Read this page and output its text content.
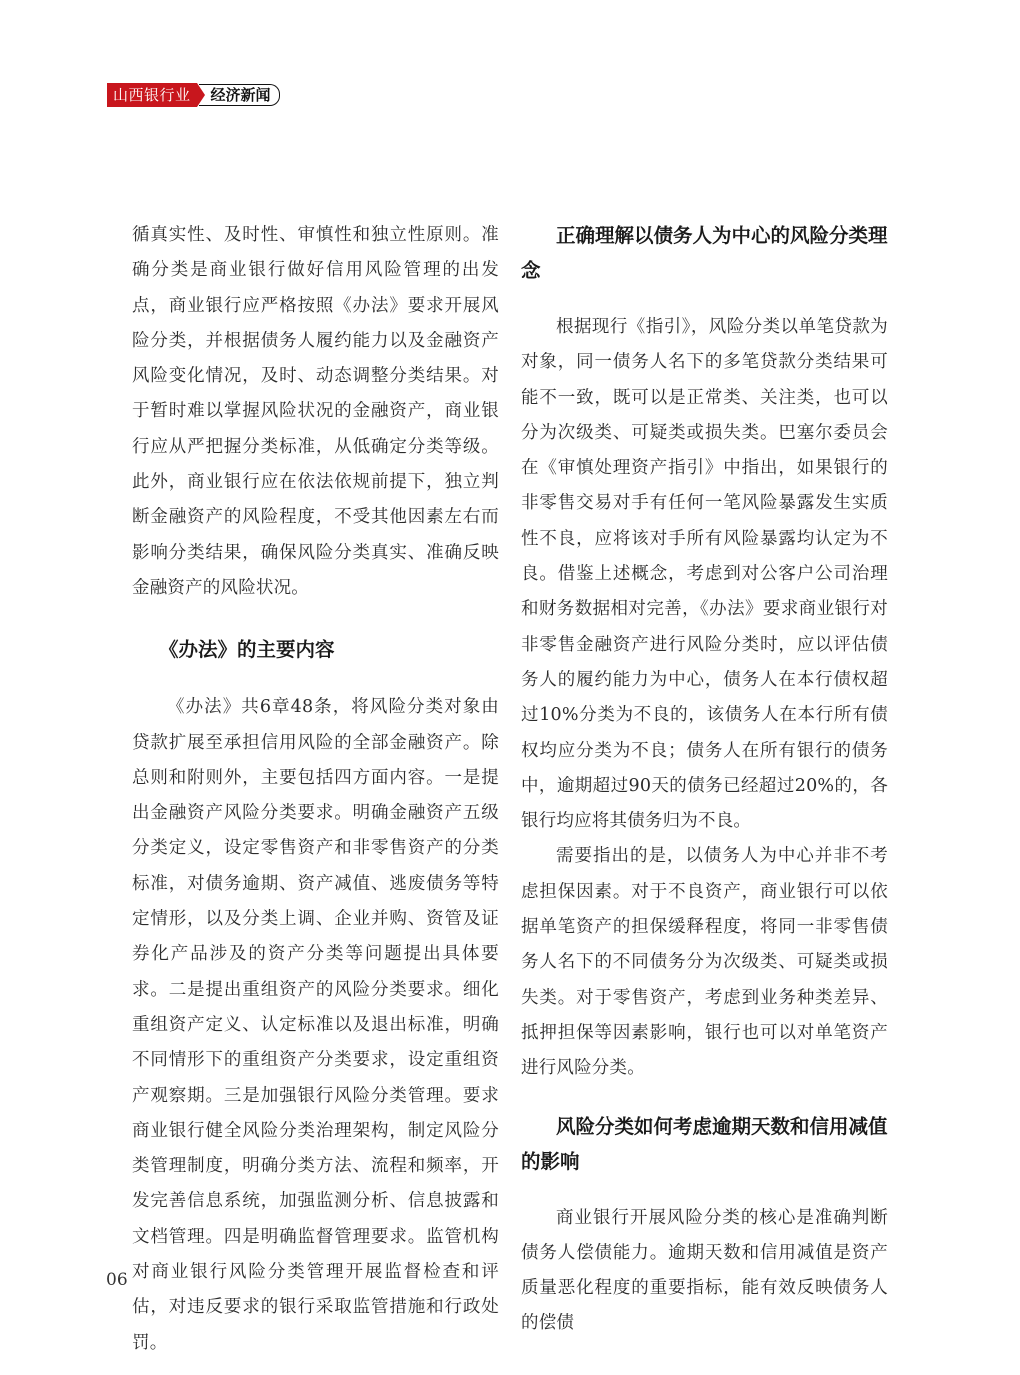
山西银行业	经济新闻

循真实性、及时性、审慎性和独立性原则。准确分类是商业银行做好信用风险管理的出发点，商业银行应严格按照《办法》要求开展风险分类，并根据债务人履约能力以及金融资产风险变化情况，及时、动态调整分类结果。对于暂时难以掌握风险状况的金融资产，商业银行应从严把握分类标准，从低确定分类等级。此外，商业银行应在依法依规前提下，独立判断金融资产的风险程度，不受其他因素左右而影响分类结果，确保风险分类真实、准确反映金融资产的风险状况。

《办法》的主要内容

《办法》共6章48条，将风险分类对象由贷款扩展至承担信用风险的全部金融资产。除总则和附则外，主要包括四方面内容。一是提出金融资产风险分类要求。明确金融资产五级分类定义，设定零售资产和非零售资产的分类标准，对债务逾期、资产减值、逃废债务等特定情形，以及分类上调、企业并购、资管及证券化产品涉及的资产分类等问题提出具体要求。二是提出重组资产的风险分类要求。细化重组资产定义、认定标准以及退出标准，明确不同情形下的重组资产分类要求，设定重组资产观察期。三是加强银行风险分类管理。要求商业银行健全风险分类治理架构，制定风险分类管理制度，明确分类方法、流程和频率，开发完善信息系统，加强监测分析、信息披露和文档管理。四是明确监督管理要求。监管机构对商业银行风险分类管理开展监督检查和评估，对违反要求的银行采取监管措施和行政处罚。

正确理解以债务人为中心的风险分类理念

根据现行《指引》，风险分类以单笔贷款为对象，同一债务人名下的多笔贷款分类结果可能不一致，既可以是正常类、关注类，也可以分为次级类、可疑类或损失类。巴塞尔委员会在《审慎处理资产指引》中指出，如果银行的非零售交易对手有任何一笔风险暴露发生实质性不良，应将该对手所有风险暴露均认定为不良。借鉴上述概念，考虑到对公客户公司治理和财务数据相对完善，《办法》要求商业银行对非零售金融资产进行风险分类时，应以评估债务人的履约能力为中心，债务人在本行债权超过10%分类为不良的，该债务人在本行所有债权均应分类为不良；债务人在所有银行的债务中，逾期超过90天的债务已经超过20%的，各银行均应将其债务归为不良。

需要指出的是，以债务人为中心并非不考虑担保因素。对于不良资产，商业银行可以依据单笔资产的担保缓释程度，将同一非零售债务人名下的不同债务分为次级类、可疑类或损失类。对于零售资产，考虑到业务种类差异、抵押担保等因素影响，银行也可以对单笔资产进行风险分类。

风险分类如何考虑逾期天数和信用减值的影响

商业银行开展风险分类的核心是准确判断债务人偿债能力。逾期天数和信用减值是资产质量恶化程度的重要指标，能有效反映债务人的偿债

06
